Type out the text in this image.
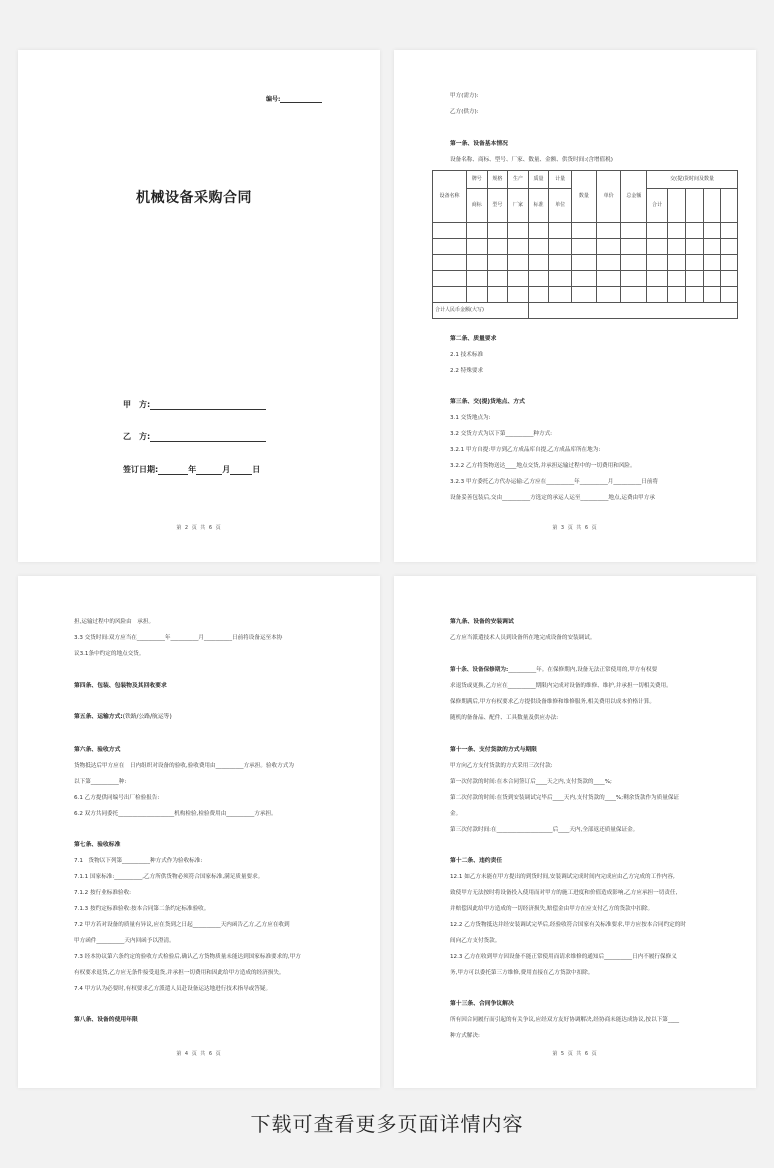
编号:
机械设备采购合同
甲　方:
乙　方:
签订日期:	年	月	日
第 2 页 共 6 页
甲方(需方):
乙方(供方):
第一条、设备基本情况
设备名称、商标、型号、厂家、数量、金额、供货时间:(含增值税)
设备名称	牌号	规格	生产	质量	计量	数量	单价	总金额	交(提)货时间及数量				
	商标	型号	厂家	标准	单位				合计				

合计人民币金额(大写)													
第二条、质量要求
2.1 技术标准
2.2 特殊要求
第三条、交(提)货地点、方式
3.1 交货地点为:
3.2 交货方式为以下第__________种方式:
3.2.1 甲方自提:甲方到乙方成品库自提,乙方成品库所在地为:
3.2.2 乙方将货物送达____地点交货,并承担运输过程中的一切费用和风险。
3.2.3 甲方委托乙方代办运输:乙方应在__________年__________月__________日前将
设备妥善包装后,交由__________方选定的承运人运至__________地点,运费由甲方承
第 3 页 共 6 页
担,运输过程中的风险由　承担。
3.3 交货时间:双方应当在__________年__________月__________日前将设备运至本协
议3.1条中约定的地点交货。
第四条、包装、包装物及其回收要求
第五条、运输方式:(铁路/公路/航运等)
第六条、验收方式
货物抵达后甲方应在　日内组织对设备的验收,验收费用由__________方承担。验收方式为
以下第__________种:
6.1 乙方提供同编号出厂检验报告:
6.2 双方共同委托____________________机构检验,检验费用由__________方承担。
第七条、验收标准
7.1　货物以下列第__________种方式作为验收标准:
7.1.1 国家标准:__________,乙方所供货物必须符合国家标准,满足质量要求。
7.1.2 按行业标准验收:
7.1.3 按约定标准验收:按本合同第二条约定标准验收。
7.2 甲方若对设备的质量有异议,应在货到之日起__________天内函告乙方,乙方应在收到
甲方函件__________天内回函予以澄清。
7.3 经本协议第六条约定的验收方式检验后,确认乙方货物质量未能达到国家标准要求的,甲方
有权要求退货,乙方应无条件接受退货,并承担一切费用和因此给甲方造成的经济损失。
7.4 甲方认为必要时,有权要求乙方派遣人员赴设备运达地进行技术指导或答疑。
第八条、设备的使用年限
第 4 页 共 6 页
第九条、设备的安装调试
乙方应当派遣技术人员到设备所在地完成设备的安装调试。
第十条、设备保修期为:__________年。在保修期内,设备无法正常使用的,甲方有权要
求退货或更换,乙方应在__________期限内完成对设备的维修、维护,并承担一切相关费用。
保修期满后,甲方有权要求乙方提供设备维修和维修服务,相关费用以成本价格计算。
随机的备备品、配件、工具数量及供应办法:
第十一条、支付货款的方式与期限
甲方向乙方支付货款的方式采用三次付款:
第一次付款的时间:在本合同签订后____天之内,支付货款的____%;
第二次付款的时间:在货到安装调试完毕后____天内,支付货款的____%;剩余货款作为质量保证
金。
第三次付款时间:在____________________后____天内,全部返还质量保证金。
第十二条、违约责任
12.1 如乙方未能在甲方提出的到货时间,安装调试完成时间内完成应由乙方完成的工作内容,
致使甲方无法按时将设备投入使用而对甲方的施工进度和价值造成影响,乙方应承担一切责任,
并赔偿因此给甲方造成的一切经济损失,赔偿金由甲方在应支付乙方的货款中扣除。
12.2 乙方货物抵达并经安装调试完毕后,经验收符合国家有关标准要求,甲方应按本合同约定的时
间向乙方支付货款。
12.3 乙方在收到甲方因设备不能正常使用而请求维修的通知后__________日内不履行保修义
务,甲方可以委托第三方维修,费用直接在乙方货款中扣除。
第十三条、合同争议解决
所有因合同履行而引起的有关争议,应经双方友好协调解决,经协商未能达成协议,按以下第____
种方式解决:
第 5 页 共 6 页
下载可查看更多页面详情内容
